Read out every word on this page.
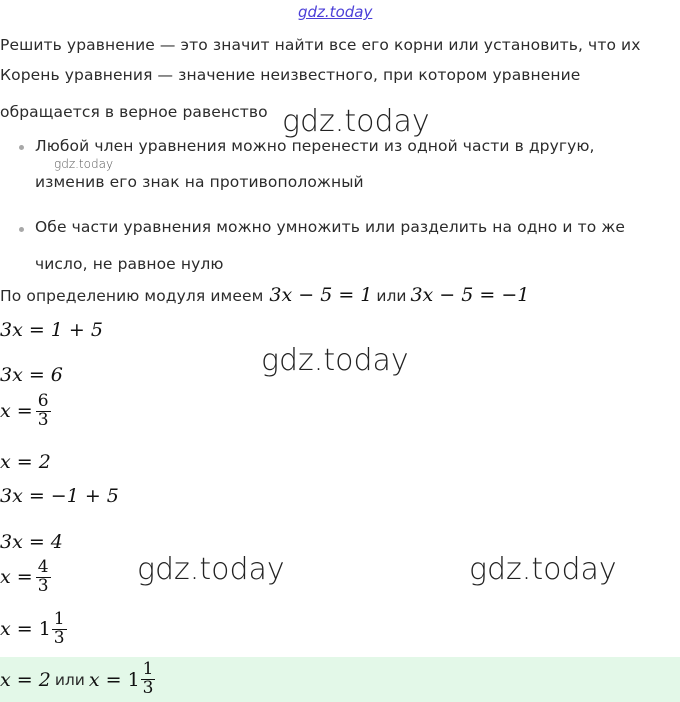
gdz.today
gdz.today
gdz.today
gdz.today
gdz.today	gdz.today
Решить уравнение — это значит найти все его корни или установить, что их
Корень уравнения — значение неизвестного, при котором уравнение
обращается в верное равенство
Любой член уравнения можно перенести из одной части в другую,
изменив его знак на противоположный
Обе части уравнения можно умножить или разделить на одно и то же
число, не равное нулю
По определению модуля имеем 3x − 5 = 1 или 3x − 5 = −1
3x = 1 + 5
3x = 6
$x = \frac{6}{3}$
x = 2
3x = −1 + 5
3x = 4
$x = \frac{4}{3}$
$x = 1 \frac{1}{3}$
x = 2 или $x = 1 \frac{1}{3}$
